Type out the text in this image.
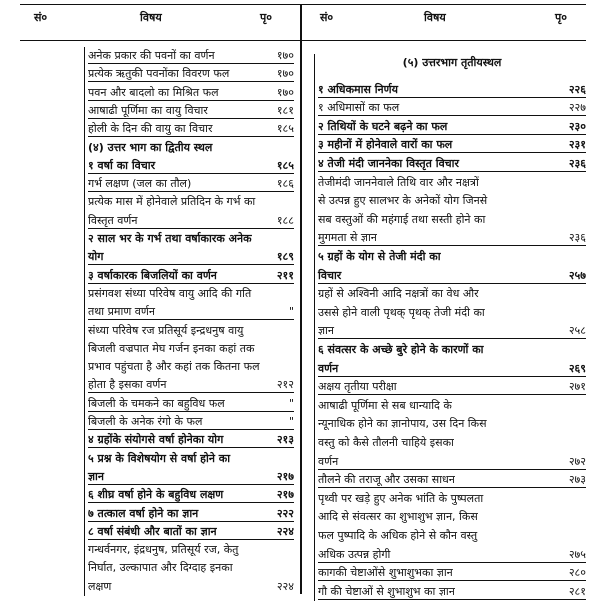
सं०	विषय	पृ०	सं०	विषय	पृ०
अनेक प्रकार की पवनों का वर्णन	१७०
प्रत्येक ऋतुकी पवनोंका विवरण फल	१७०
पवन और बादलो का मिश्रित फल	१७०
आषाढी पूर्णिमा का वायु विचार	१८१
होली के दिन की वायु का विचार	१८५
(४) उत्तर भाग का द्वितीय स्थल
१ वर्षा का विचार	१८५
गर्भ लक्षण (जल का तौल)	१८६
प्रत्येक मास में होनेवाले प्रतिदिन के गर्भ का
विस्तृत वर्णन	१८८
२ साल भर के गर्भ तथा वर्षाकारक अनेक
योग	१८९
३ वर्षाकारक बिजलियों का वर्णन	२११
प्रसंगवश संध्या परिवेष वायु आदि की गति
तथा प्रमाण वर्णन	"
संध्या परिवेष रज प्रतिसूर्य इन्द्रधनुष वायु
बिजली वज्रपात मेघ गर्जन इनका कहां तक
प्रभाव पहुंचता है और कहां तक कितना फल
होता है इसका वर्णन	२१२
बिजली के चमकने का बहुविध फल	"
बिजली के अनेक रंगो के फल	"
४ ग्रहोंके संयोगसे वर्षा होनेका योग	२१३
५ प्रश्न के विशेषयोग से वर्षा होने का
ज्ञान	२१७
६ शीघ्र वर्षा होने के बहुविध लक्षण	२१७
७ तत्काल वर्षा होने का ज्ञान	२२२
८ वर्षा संबंधी और बातों का ज्ञान	२२४
गन्धर्वनगर, इंद्रधनुष, प्रतिसूर्य रज, केतु
निर्घात, उल्कापात और दिग्दाह इनका
लक्षण	२२४
(५) उत्तरभाग तृतीयस्थल
१ अधिकमास निर्णय	२२६
१ अधिमासों का फल	२२७
२ तिथियों के घटने बढ़ने का फल	२३०
३ महीनों में होनेवाले वारों का फल	२३१
४ तेजी मंदी जाननेका विस्तृत विचार	२३६
तेजीमंदी जाननेवाले तिथि वार और नक्षत्रों
से उत्पन्न हुए सालभर के अनेकों योग जिनसे
सब वस्तुओं की महंगाई तथा सस्ती होने का
मुगमता से ज्ञान	२३६
५ ग्रहों के योग से तेजी मंदी का
विचार	२५७
ग्रहों से अश्विनी आदि नक्षत्रों का वेध और
उससे होने वाली पृथक् पृथक् तेजी मंदी का
ज्ञान	२५८
६ संवत्सर के अच्छे बुरे होने के कारणों का
वर्णन	२६९
अक्षय तृतीया परीक्षा	२७१
आषाढी पूर्णिमा से सब धान्यादि के
न्यूनाधिक होने का ज्ञानोपाय, उस दिन किस
वस्तु को कैसे तौलनी चाहिये इसका
वर्णन	२७२
तौलने की तराजू और उसका साधन	२७३
पृथ्वी पर खड़े हुए अनेक भांति के पुष्पलता
आदि से संवत्सर का शुभाशुभ ज्ञान, किस
फल पुष्पादि के अधिक होने से कौन वस्तु
अधिक उत्पन्न होगी	२७५
कागकी चेष्टाओंसे शुभाशुभका ज्ञान	२८०
गौ की चेष्टाओं से शुभाशुभ का ज्ञान	२८१
